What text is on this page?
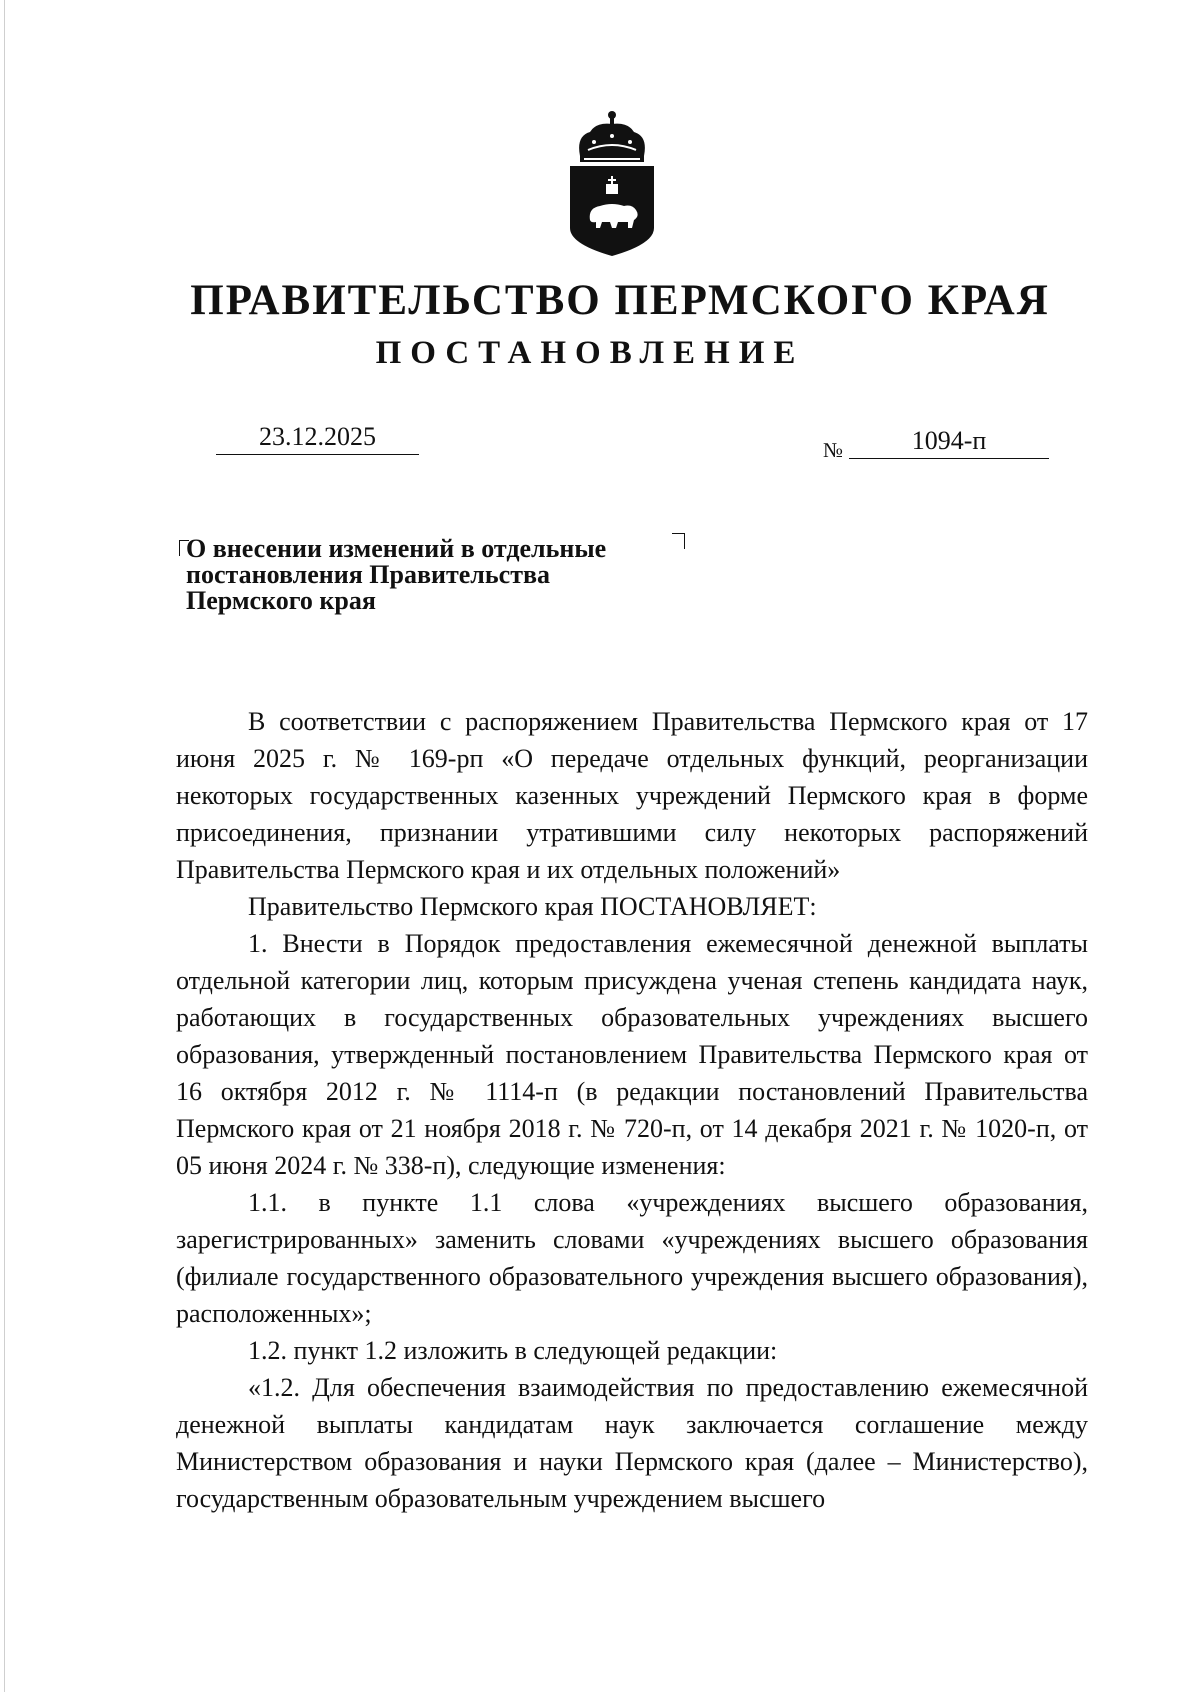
ПРАВИТЕЛЬСТВО ПЕРМСКОГО КРАЯ
ПОСТАНОВЛЕНИЕ
23.12.2025	№	1094-п
О внесении изменений в отдельные
постановления Правительства
Пермского края

В соответствии с распоряжением Правительства Пермского края от 17 июня 2025 г. № 169-рп «О передаче отдельных функций, реорганизации некоторых государственных казенных учреждений Пермского края в форме присоединения, признании утратившими силу некоторых распоряжений Правительства Пермского края и их отдельных положений»

Правительство Пермского края ПОСТАНОВЛЯЕТ:

1. Внести в Порядок предоставления ежемесячной денежной выплаты отдельной категории лиц, которым присуждена ученая степень кандидата наук, работающих в государственных образовательных учреждениях высшего образования, утвержденный постановлением Правительства Пермского края от 16 октября 2012 г. № 1114-п (в редакции постановлений Правительства Пермского края от 21 ноября 2018 г. № 720-п, от 14 декабря 2021 г. № 1020-п, от 05 июня 2024 г. № 338-п), следующие изменения:

1.1. в пункте 1.1 слова «учреждениях высшего образования, зарегистрированных» заменить словами «учреждениях высшего образования (филиале государственного образовательного учреждения высшего образования), расположенных»;

1.2. пункт 1.2 изложить в следующей редакции:

«1.2. Для обеспечения взаимодействия по предоставлению ежемесячной денежной выплаты кандидатам наук заключается соглашение между Министерством образования и науки Пермского края (далее – Министерство), государственным образовательным учреждением высшего
